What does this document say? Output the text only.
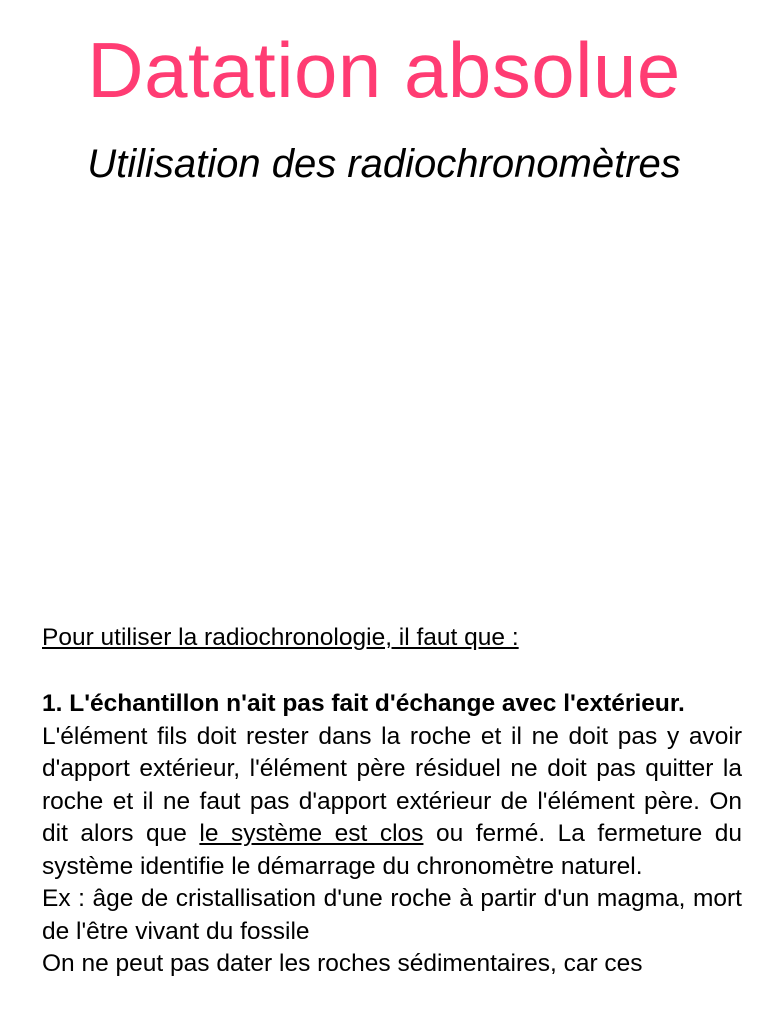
Datation absolue
Utilisation des radiochronomètres
Pour utiliser la radiochronologie, il faut que :
1. L'échantillon n'ait pas fait d'échange avec l'extérieur.
L'élément fils doit rester dans la roche et il ne doit pas y avoir d'apport extérieur, l'élément père résiduel ne doit pas quitter la roche et il ne faut pas d'apport extérieur de l'élément père. On dit alors que le système est clos ou fermé. La fermeture du système identifie le démarrage du chronomètre naturel.
Ex : âge de cristallisation d'une roche à partir d'un magma, mort de l'être vivant du fossile
On ne peut pas dater les roches sédimentaires, car ces
